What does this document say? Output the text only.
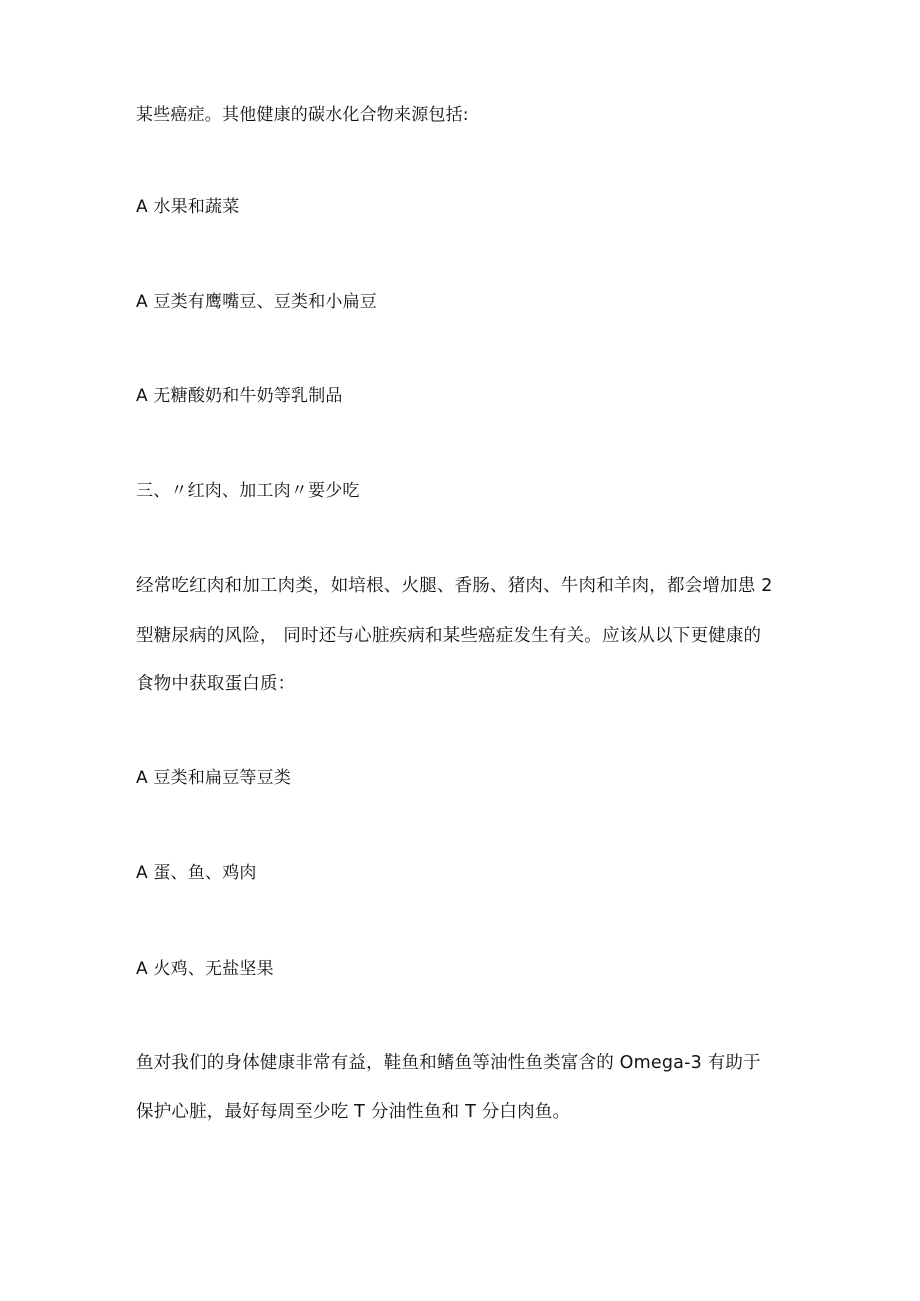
某些癌症。其他健康的碳水化合物来源包括:
A 水果和蔬菜
A 豆类有鹰嘴豆、豆类和小扁豆
A 无糖酸奶和牛奶等乳制品
三、〃红肉、加工肉〃要少吃
经常吃红肉和加工肉类，如培根、火腿、香肠、猪肉、牛肉和羊肉，都会增加患 2
型糖尿病的风险， 同时还与心脏疾病和某些癌症发生有关。应该从以下更健康的
食物中获取蛋白质：
A 豆类和扁豆等豆类
A 蛋、鱼、鸡肉
A 火鸡、无盐坚果
鱼对我们的身体健康非常有益，鞋鱼和鳍鱼等油性鱼类富含的 Omega-3 有助于
保护心脏，最好每周至少吃 T 分油性鱼和 T 分白肉鱼。
